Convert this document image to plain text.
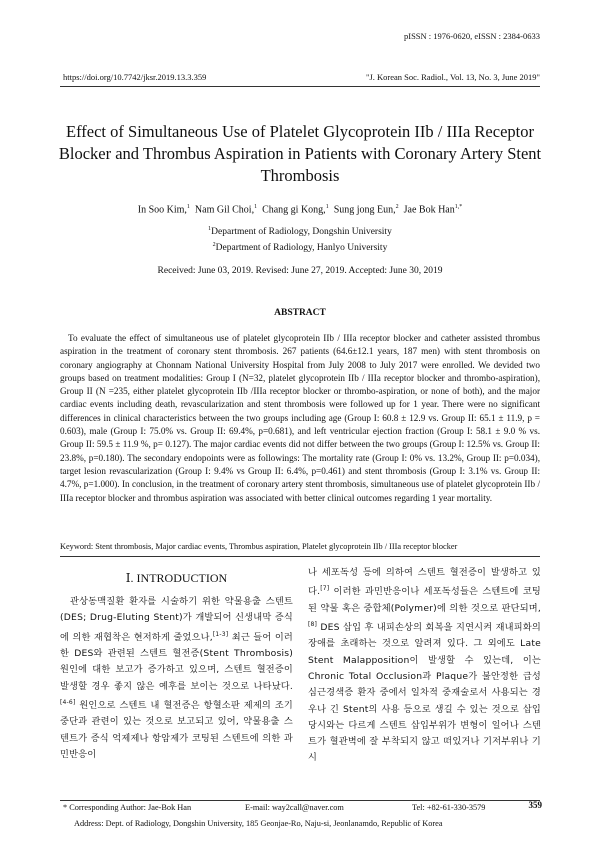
pISSN : 1976-0620, eISSN : 2384-0633
https://doi.org/10.7742/jksr.2019.13.3.359	"J. Korean Soc. Radiol., Vol. 13, No. 3, June 2019"
Effect of Simultaneous Use of Platelet Glycoprotein IIb / IIIa Receptor Blocker and Thrombus Aspiration in Patients with Coronary Artery Stent Thrombosis
In Soo Kim,$^1$ Nam Gil Choi,$^1$ Chang gi Kong,$^1$ Sung jong Eun,$^2$ Jae Bok Han$^{1,*}$
$^1$Department of Radiology, Dongshin University
$^2$Department of Radiology, Hanlyo University
Received: June 03, 2019. Revised: June 27, 2019. Accepted: June 30, 2019
ABSTRACT

To evaluate the effect of simultaneous use of platelet glycoprotein IIb / IIIa receptor blocker and catheter assisted thrombus aspiration in the treatment of coronary stent thrombosis. 267 patients (64.6±12.1 years, 187 men) with stent thrombosis on coronary angiography at Chonnam National University Hospital from July 2008 to July 2017 were enrolled. We devided two groups based on treatment modalities: Group I (N=32, platelet glycoprotein IIb / IIIa receptor blocker and thrombo-aspiration), Group II (N =235, either platelet glycoprotein IIb /IIIa receptor blocker or thrombo-aspiration, or none of both), and the major cardiac events including death, revascularization and stent thrombosis were followed up for 1 year. There were no significant differences in clinical characteristics between the two groups including age (Group I: 60.8 ± 12.9 vs. Group II: 65.1 ± 11.9, p = 0.603), male (Group I: 75.0% vs. Group II: 69.4%, p=0.681), and left ventricular ejection fraction (Group I: 58.1 ± 9.0 % vs. Group II: 59.5 ± 11.9 %, p= 0.127). The major cardiac events did not differ between the two groups (Group I: 12.5% vs. Group II: 23.8%, p=0.180). The secondary endopoints were as followings: The mortality rate (Group I: 0% vs. 13.2%, Group II: p=0.034), target lesion revascularization (Group I: 9.4% vs Group II: 6.4%, p=0.461) and stent thrombosis (Group I: 3.1% vs. Group II: 4.7%, p=1.000). In conclusion, in the treatment of coronary artery stent thrombosis, simultaneous use of platelet glycoprotein IIb / IIIa receptor blocker and thrombus aspiration was associated with better clinical outcomes regarding 1 year mortality.

Keyword: Stent thrombosis, Major cardiac events, Thrombus aspiration, Platelet glycoprotein IIb / IIIa receptor blocker
Ⅰ. INTRODUCTION

관상동맥질환 환자를 시술하기 위한 약물용출 스텐트(DES; Drug-Eluting Stent)가 개발되어 신생내막 증식에 의한 재협착은 현저하게 줄었으나,[1-3] 최근 들어 이러한 DES와 관련된 스텐트 혈전증(Stent Thrombosis) 원인에 대한 보고가 증가하고 있으며, 스텐트 혈전증이 발생할 경우 좋지 않은 예후를 보이는 것으로 나타났다.[4-6] 원인으로 스텐트 내 혈전증은 항혈소판 제제의 조기 중단과 관련이 있는 것으로 보고되고 있어, 약물용출 스텐트가 증식 억제제나 항암제가 코팅된 스텐트에 의한 과민반응이

나 세포독성 등에 의하여 스텐트 혈전증이 발생하고 있다.[7] 이러한 과민반응이나 세포독성들은 스텐트에 코팅된 약물 혹은 중합체(Polymer)에 의한 것으로 판단되며,[8] DES 삽입 후 내피손상의 회복을 지연시켜 재내피화의 장애를 초래하는 것으로 알려져 있다. 그 외에도 Late Stent Malapposition이 발생할 수 있는데, 이는 Chronic Total Occlusion과 Plaque가 불안정한 급성심근경색증 환자 중에서 일차적 중재술로서 사용되는 경우나 긴 Stent의 사용 등으로 생길 수 있는 것으로 삽입 당시와는 다르게 스텐트 삽입부위가 변형이 일어나 스텐트가 혈관벽에 잘 부착되지 않고 떠있거나 기저부위나 기시

* Corresponding Author: Jae-Bok Han	E-mail: way2call@naver.com	Tel: +82-61-330-3579
Address: Dept. of Radiology, Dongshin University, 185 Geonjae-Ro, Naju-si, Jeonlanamdo, Republic of Korea
359
